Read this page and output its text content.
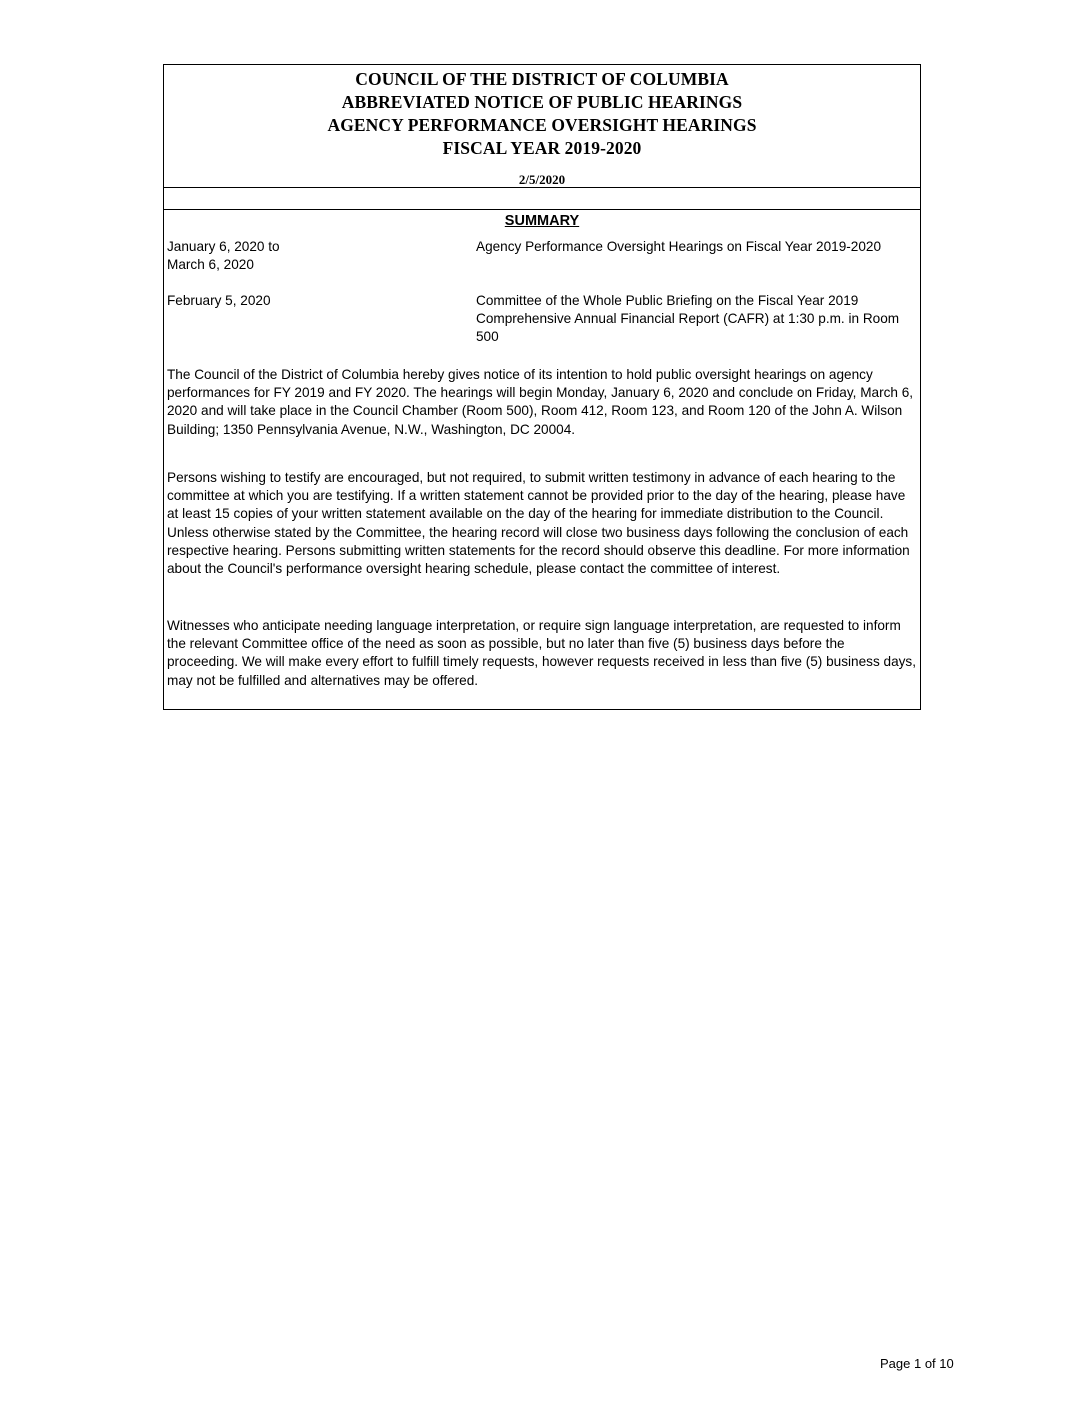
COUNCIL OF THE DISTRICT OF COLUMBIA
ABBREVIATED NOTICE OF PUBLIC HEARINGS
AGENCY PERFORMANCE OVERSIGHT HEARINGS
FISCAL YEAR 2019-2020
2/5/2020
SUMMARY
January 6, 2020 to
March 6, 2020
Agency Performance Oversight Hearings on Fiscal Year 2019-2020
February 5, 2020	Committee of the Whole Public Briefing on the Fiscal Year 2019 Comprehensive Annual Financial Report (CAFR) at 1:30 p.m. in Room 500
The Council of the District of Columbia hereby gives notice of its intention to hold public oversight hearings on agency performances for FY 2019 and FY 2020. The hearings will begin Monday, January 6, 2020 and conclude on Friday, March 6, 2020 and will take place in the Council Chamber (Room 500), Room 412, Room 123, and Room 120 of the John A. Wilson Building; 1350 Pennsylvania Avenue, N.W., Washington, DC 20004.
Persons wishing to testify are encouraged, but not required, to submit written testimony in advance of each hearing to the committee at which you are testifying. If a written statement cannot be provided prior to the day of the hearing, please have at least 15 copies of your written statement available on the day of the hearing for immediate distribution to the Council. Unless otherwise stated by the Committee, the hearing record will close two business days following the conclusion of each respective hearing. Persons submitting written statements for the record should observe this deadline. For more information about the Council's performance oversight hearing schedule, please contact the committee of interest.
Witnesses who anticipate needing language interpretation, or require sign language interpretation, are requested to inform the relevant Committee office of the need as soon as possible, but no later than five (5) business days before the proceeding. We will make every effort to fulfill timely requests, however requests received in less than five (5) business days, may not be fulfilled and alternatives may be offered.
Page 1 of 10
